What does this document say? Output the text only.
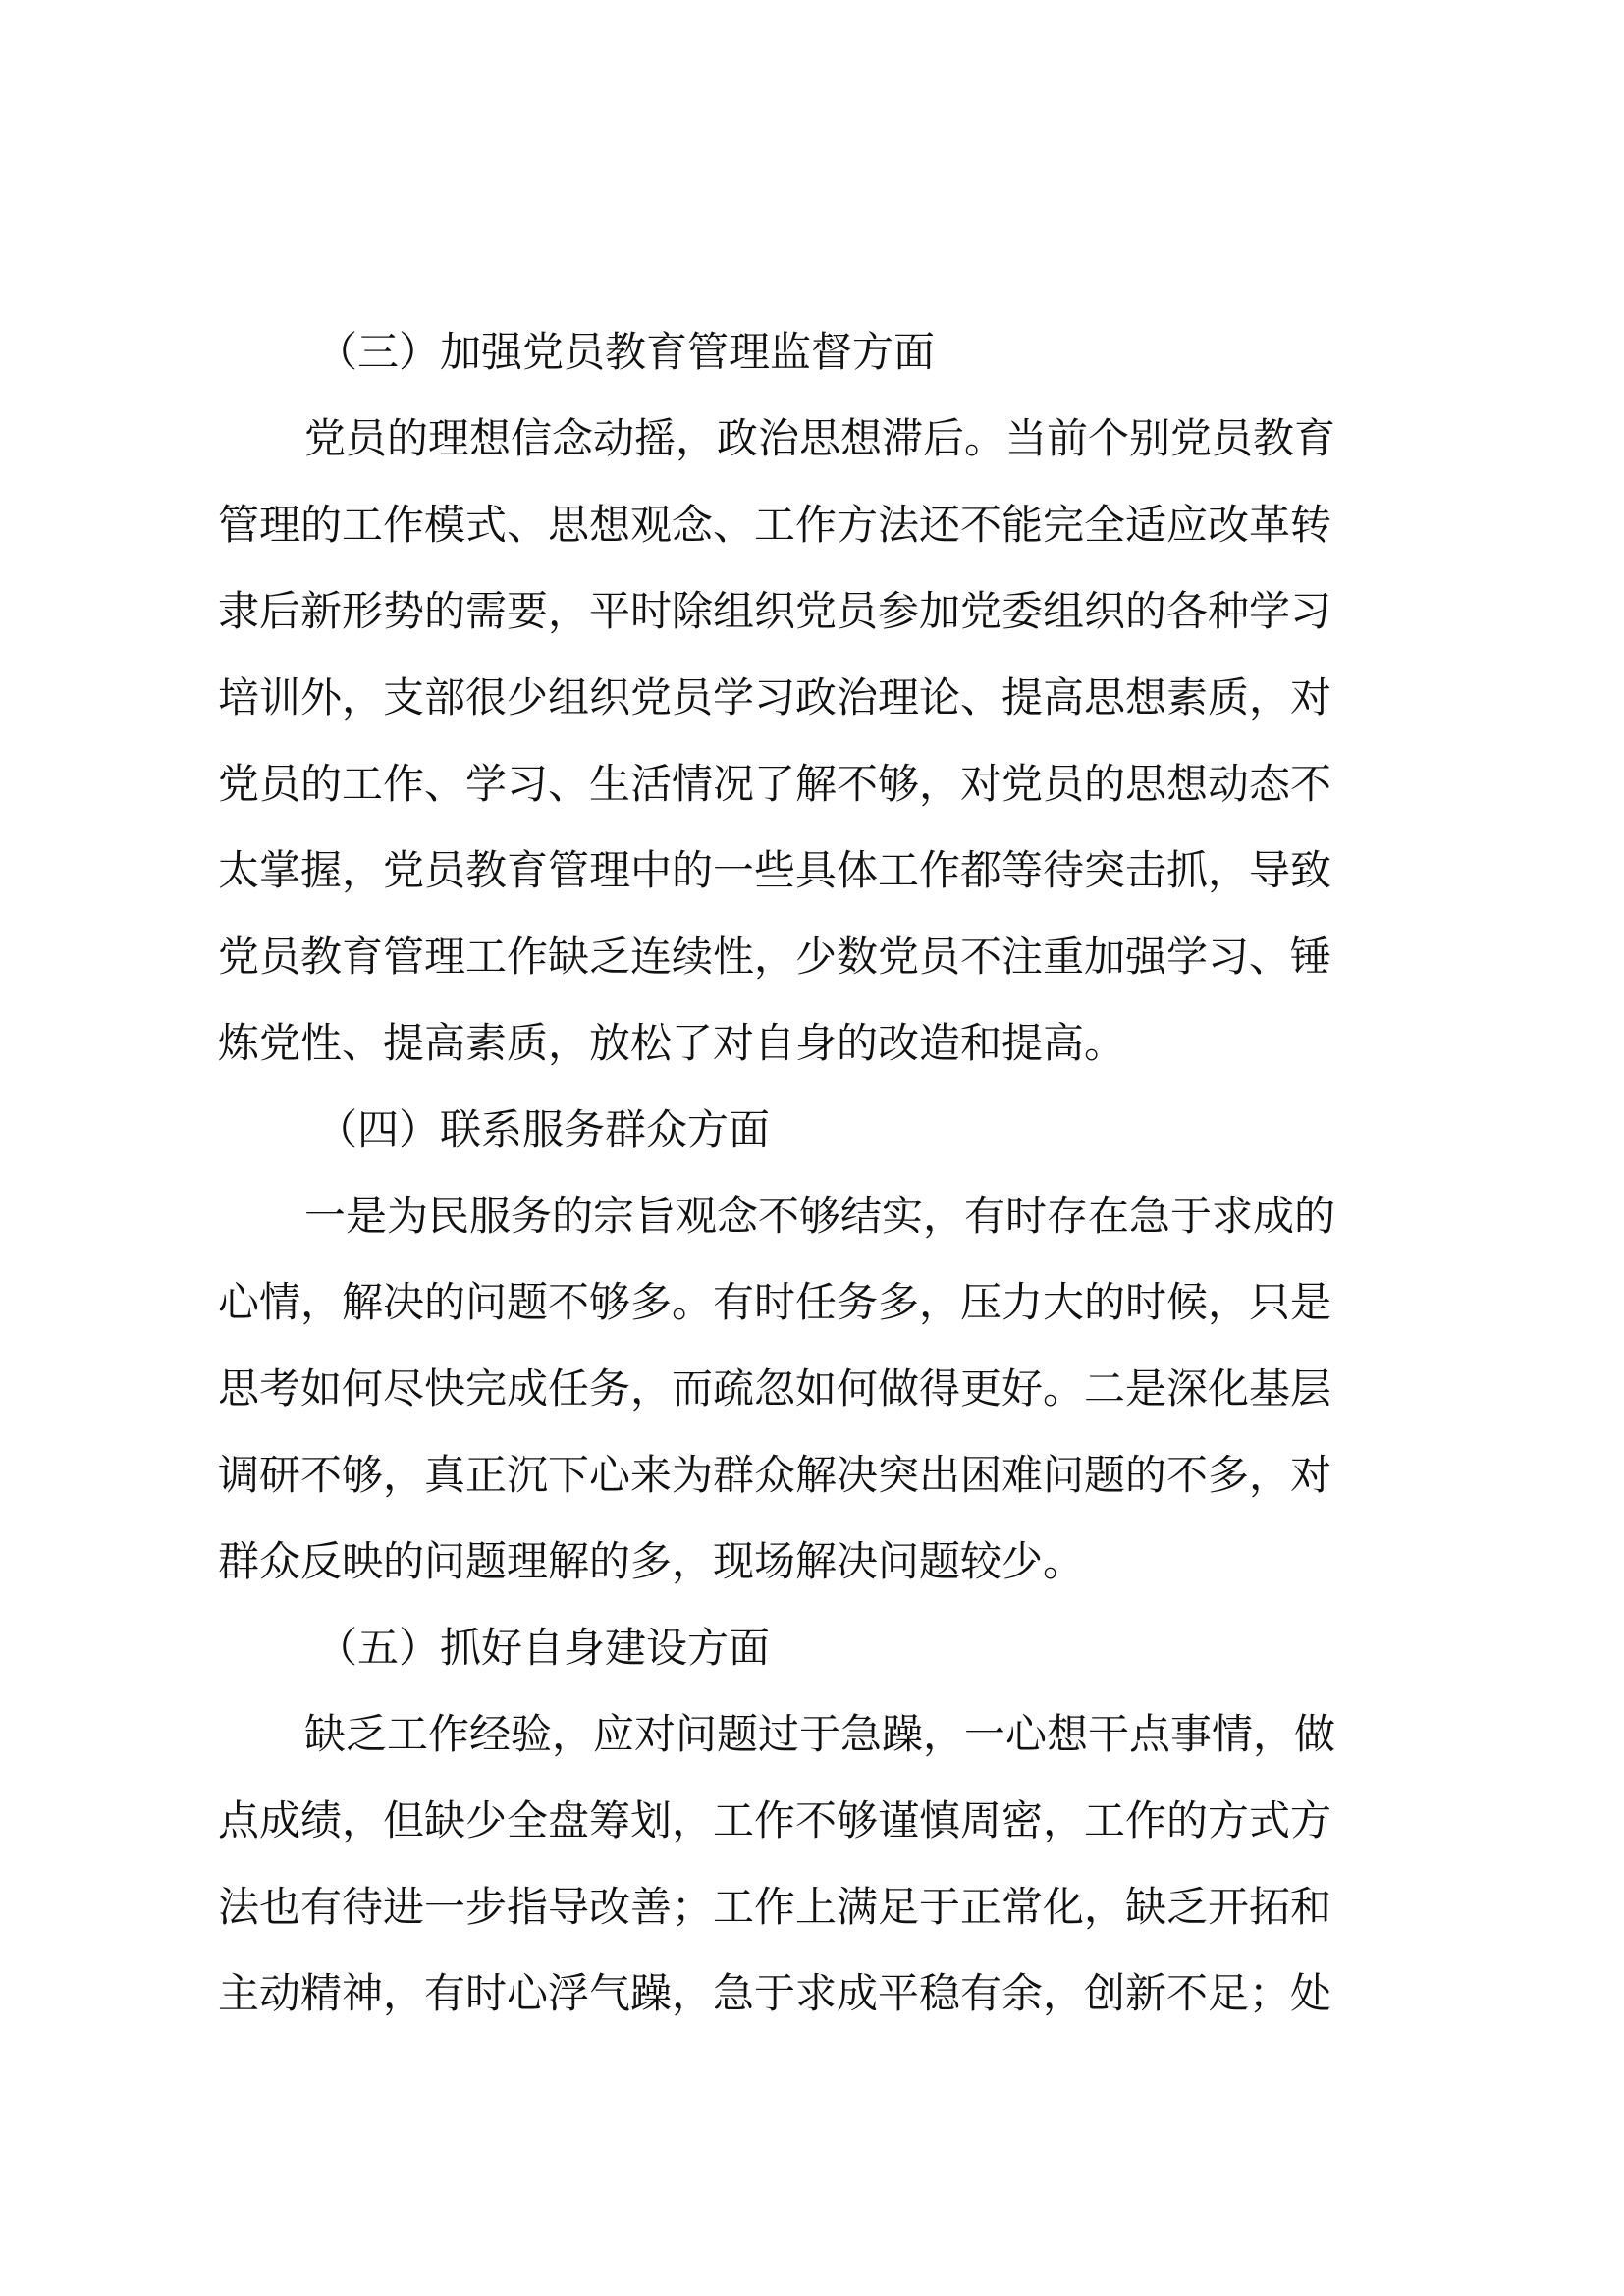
（三）加强党员教育管理监督方面
党员的理想信念动摇，政治思想滞后。当前个别党员教育
管理的工作模式、思想观念、工作方法还不能完全适应改革转
隶后新形势的需要，平时除组织党员参加党委组织的各种学习
培训外，支部很少组织党员学习政治理论、提高思想素质，对
党员的工作、学习、生活情况了解不够，对党员的思想动态不
太掌握，党员教育管理中的一些具体工作都等待突击抓，导致
党员教育管理工作缺乏连续性，少数党员不注重加强学习、锤
炼党性、提高素质，放松了对自身的改造和提高。
（四）联系服务群众方面
一是为民服务的宗旨观念不够结实，有时存在急于求成的
心情，解决的问题不够多。有时任务多，压力大的时候，只是
思考如何尽快完成任务，而疏忽如何做得更好。二是深化基层
调研不够，真正沉下心来为群众解决突出困难问题的不多，对
群众反映的问题理解的多，现场解决问题较少。
（五）抓好自身建设方面
缺乏工作经验，应对问题过于急躁，一心想干点事情，做
点成绩，但缺少全盘筹划，工作不够谨慎周密，工作的方式方
法也有待进一步指导改善；工作上满足于正常化，缺乏开拓和
主动精神，有时心浮气躁，急于求成平稳有余，创新不足；处
